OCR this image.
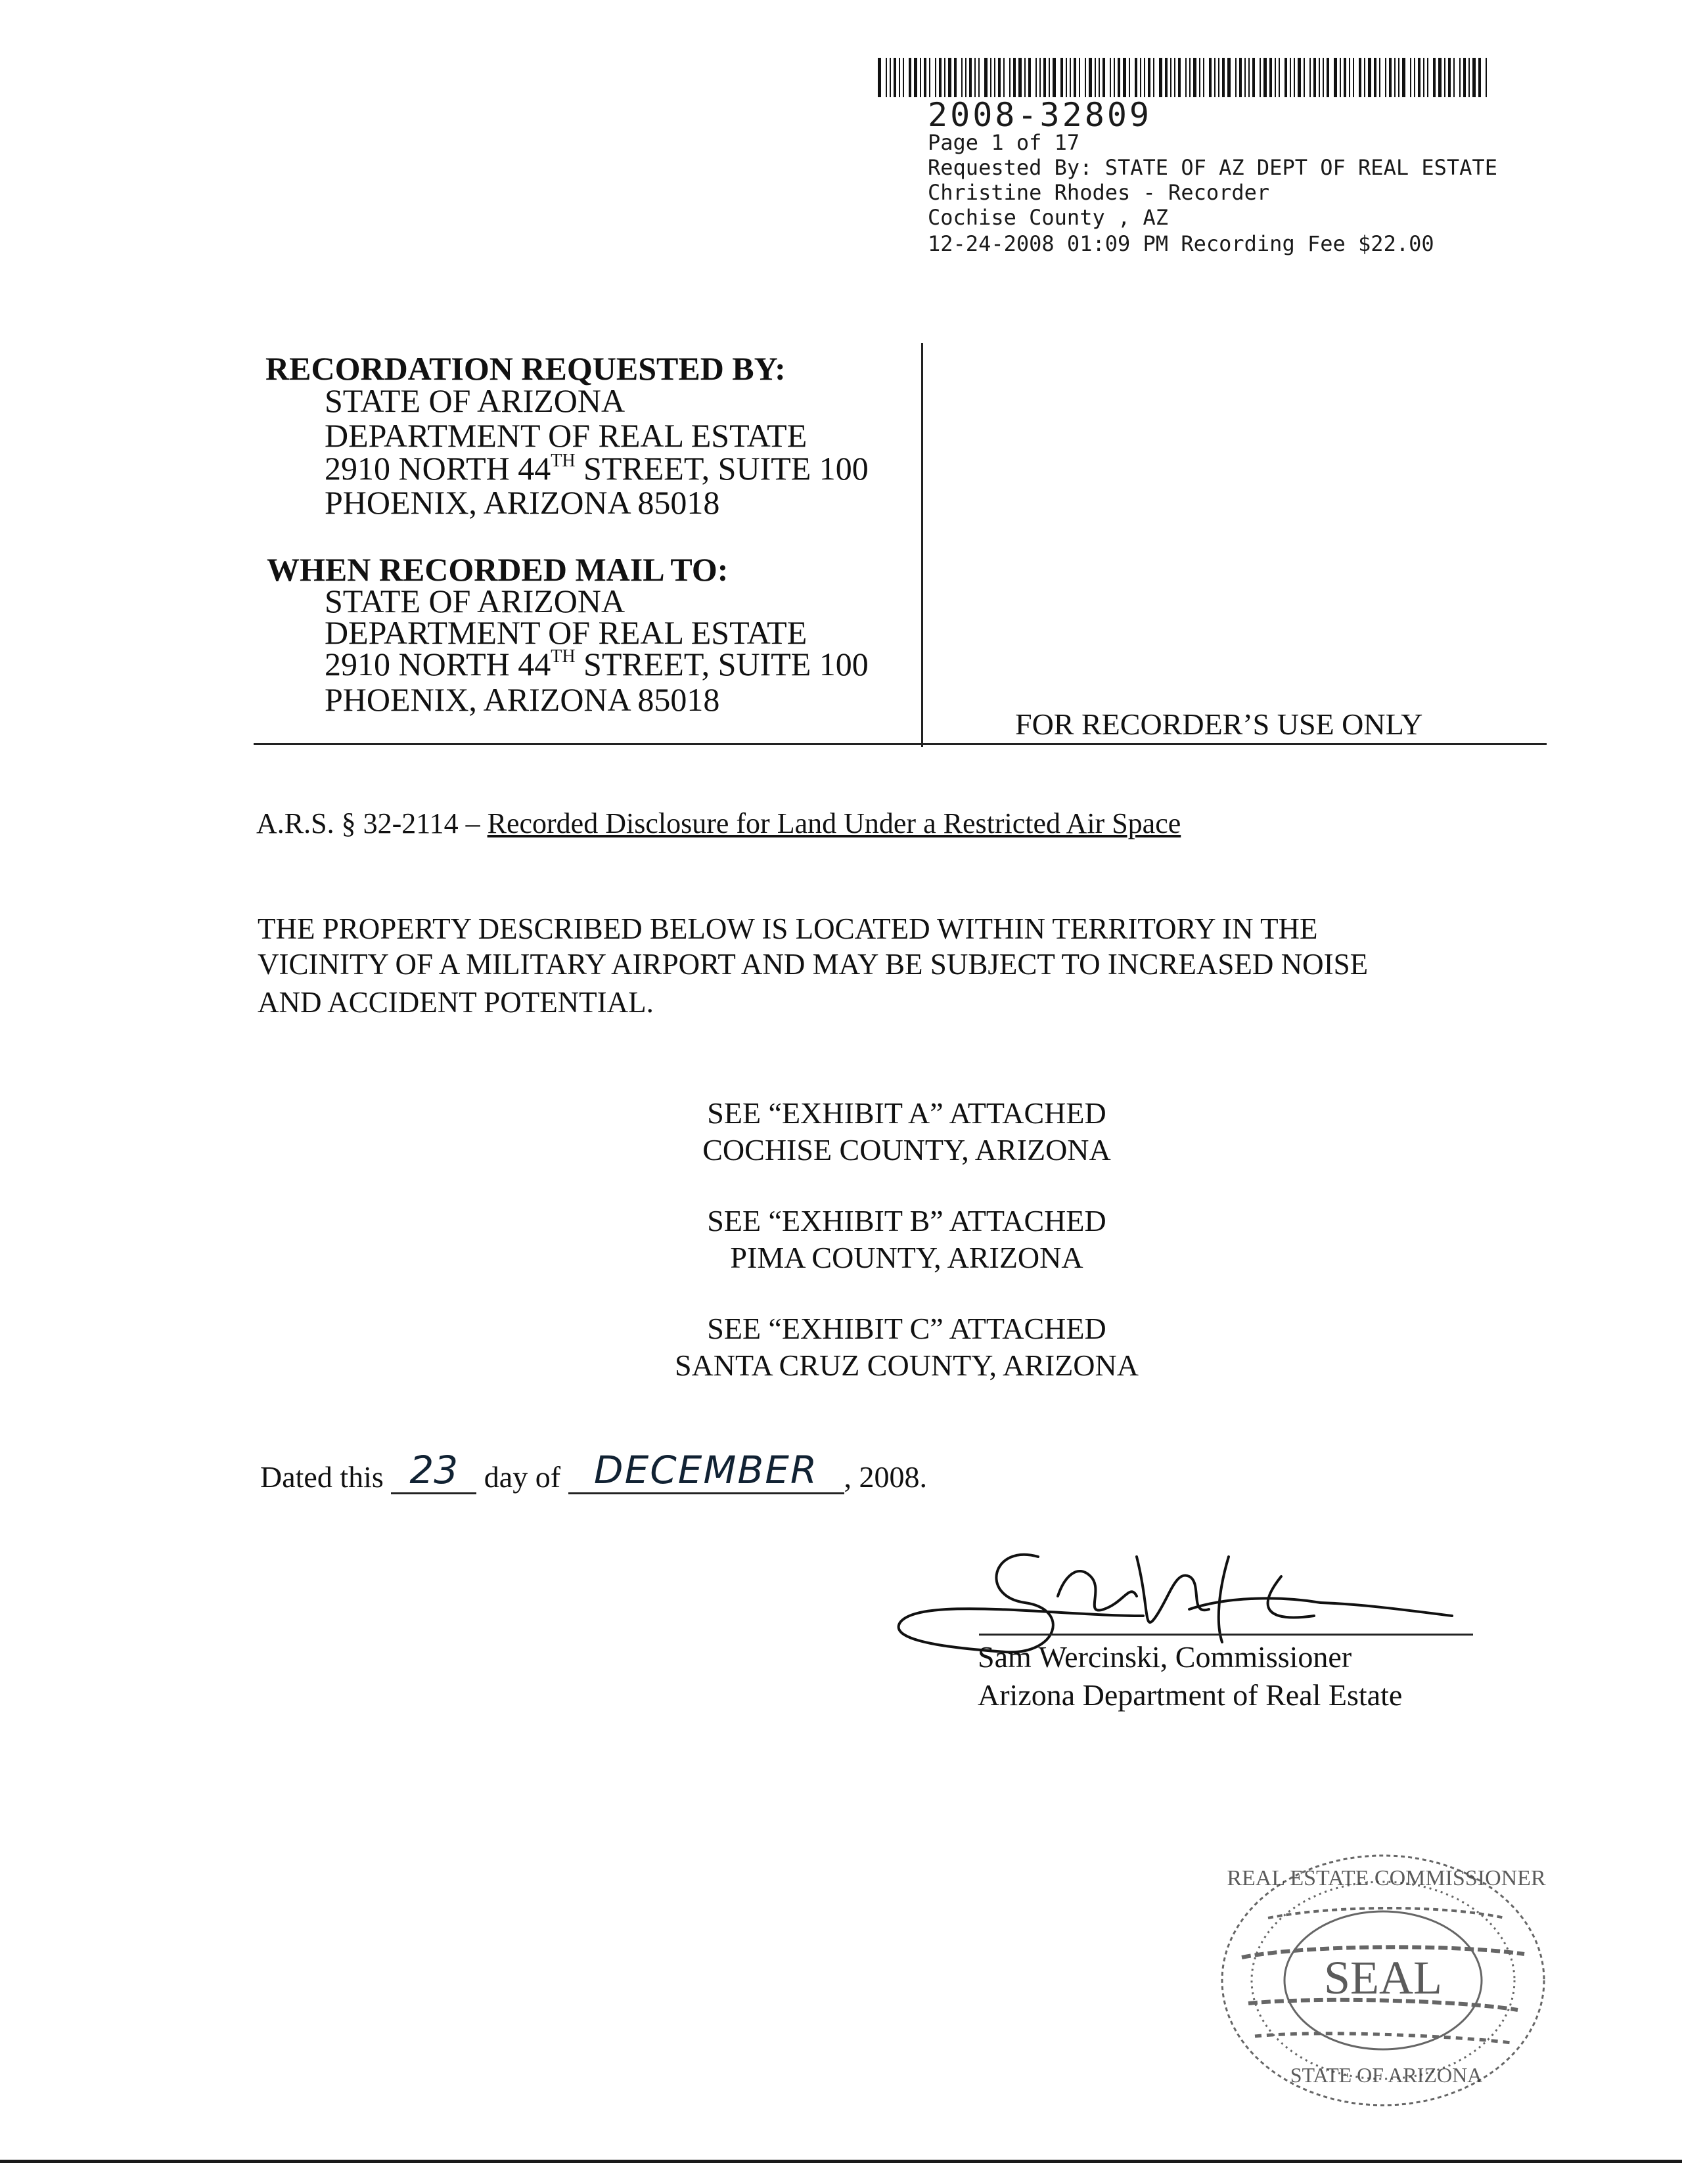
2008-32809
Page 1 of 17
Requested By: STATE OF AZ DEPT OF REAL ESTATE
Christine Rhodes - Recorder
Cochise County , AZ
12-24-2008 01:09 PM Recording Fee $22.00
RECORDATION REQUESTED BY:
STATE OF ARIZONA
DEPARTMENT OF REAL ESTATE
2910 NORTH 44TH STREET, SUITE 100
PHOENIX, ARIZONA 85018
WHEN RECORDED MAIL TO:
STATE OF ARIZONA
DEPARTMENT OF REAL ESTATE
2910 NORTH 44TH STREET, SUITE 100
PHOENIX, ARIZONA 85018
FOR RECORDER’S USE ONLY
A.R.S. § 32-2114 – Recorded Disclosure for Land Under a Restricted Air Space
THE PROPERTY DESCRIBED BELOW IS LOCATED WITHIN TERRITORY IN THE
VICINITY OF A MILITARY AIRPORT AND MAY BE SUBJECT TO INCREASED NOISE
AND ACCIDENT POTENTIAL.
SEE “EXHIBIT A” ATTACHED
COCHISE COUNTY, ARIZONA
SEE “EXHIBIT B” ATTACHED
PIMA COUNTY, ARIZONA
SEE “EXHIBIT C” ATTACHED
SANTA CRUZ COUNTY, ARIZONA
Dated this 23 day of DECEMBER , 2008.
Sam Wercinski, Commissioner
Arizona Department of Real Estate
REAL ESTATE COMMISSIONER
SEAL
STATE OF ARIZONA
